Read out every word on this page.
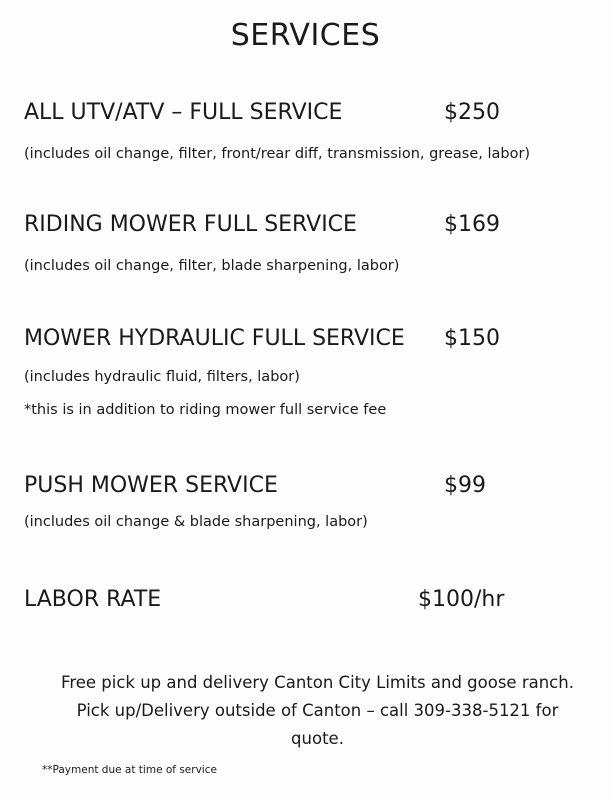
SERVICES
ALL UTV/ATV – FULL SERVICE	$250
(includes oil change, filter, front/rear diff, transmission, grease, labor)
RIDING MOWER FULL SERVICE	$169
(includes oil change, filter, blade sharpening, labor)
MOWER HYDRAULIC FULL SERVICE $150
(includes hydraulic fluid, filters, labor)
*this is in addition to riding mower full service fee
PUSH MOWER SERVICE	$99
(includes oil change & blade sharpening, labor)
LABOR RATE	$100/hr
Free pick up and delivery Canton City Limits and goose ranch.
Pick up/Delivery outside of Canton – call 309-338-5121 for
quote.
**Payment due at time of service
